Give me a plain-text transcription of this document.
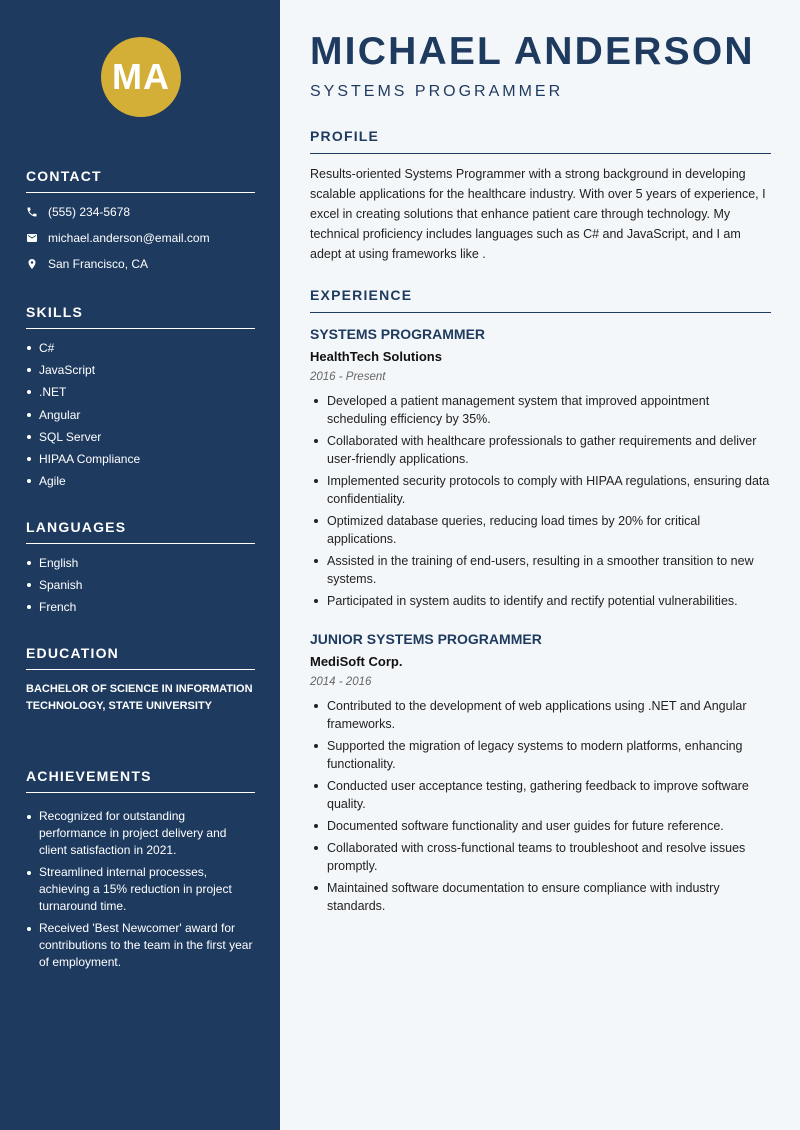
MA
CONTACT
(555) 234-5678
michael.anderson@email.com
San Francisco, CA
SKILLS
C#
JavaScript
.NET
Angular
SQL Server
HIPAA Compliance
Agile
LANGUAGES
English
Spanish
French
EDUCATION
BACHELOR OF SCIENCE IN INFORMATION TECHNOLOGY, STATE UNIVERSITY
ACHIEVEMENTS
Recognized for outstanding performance in project delivery and client satisfaction in 2021.
Streamlined internal processes, achieving a 15% reduction in project turnaround time.
Received 'Best Newcomer' award for contributions to the team in the first year of employment.
MICHAEL ANDERSON
SYSTEMS PROGRAMMER
PROFILE
Results-oriented Systems Programmer with a strong background in developing scalable applications for the healthcare industry. With over 5 years of experience, I excel in creating solutions that enhance patient care through technology. My technical proficiency includes languages such as C# and JavaScript, and I am adept at using frameworks like .
EXPERIENCE
SYSTEMS PROGRAMMER
HealthTech Solutions
2016 - Present
Developed a patient management system that improved appointment scheduling efficiency by 35%.
Collaborated with healthcare professionals to gather requirements and deliver user-friendly applications.
Implemented security protocols to comply with HIPAA regulations, ensuring data confidentiality.
Optimized database queries, reducing load times by 20% for critical applications.
Assisted in the training of end-users, resulting in a smoother transition to new systems.
Participated in system audits to identify and rectify potential vulnerabilities.
JUNIOR SYSTEMS PROGRAMMER
MediSoft Corp.
2014 - 2016
Contributed to the development of web applications using .NET and Angular frameworks.
Supported the migration of legacy systems to modern platforms, enhancing functionality.
Conducted user acceptance testing, gathering feedback to improve software quality.
Documented software functionality and user guides for future reference.
Collaborated with cross-functional teams to troubleshoot and resolve issues promptly.
Maintained software documentation to ensure compliance with industry standards.
